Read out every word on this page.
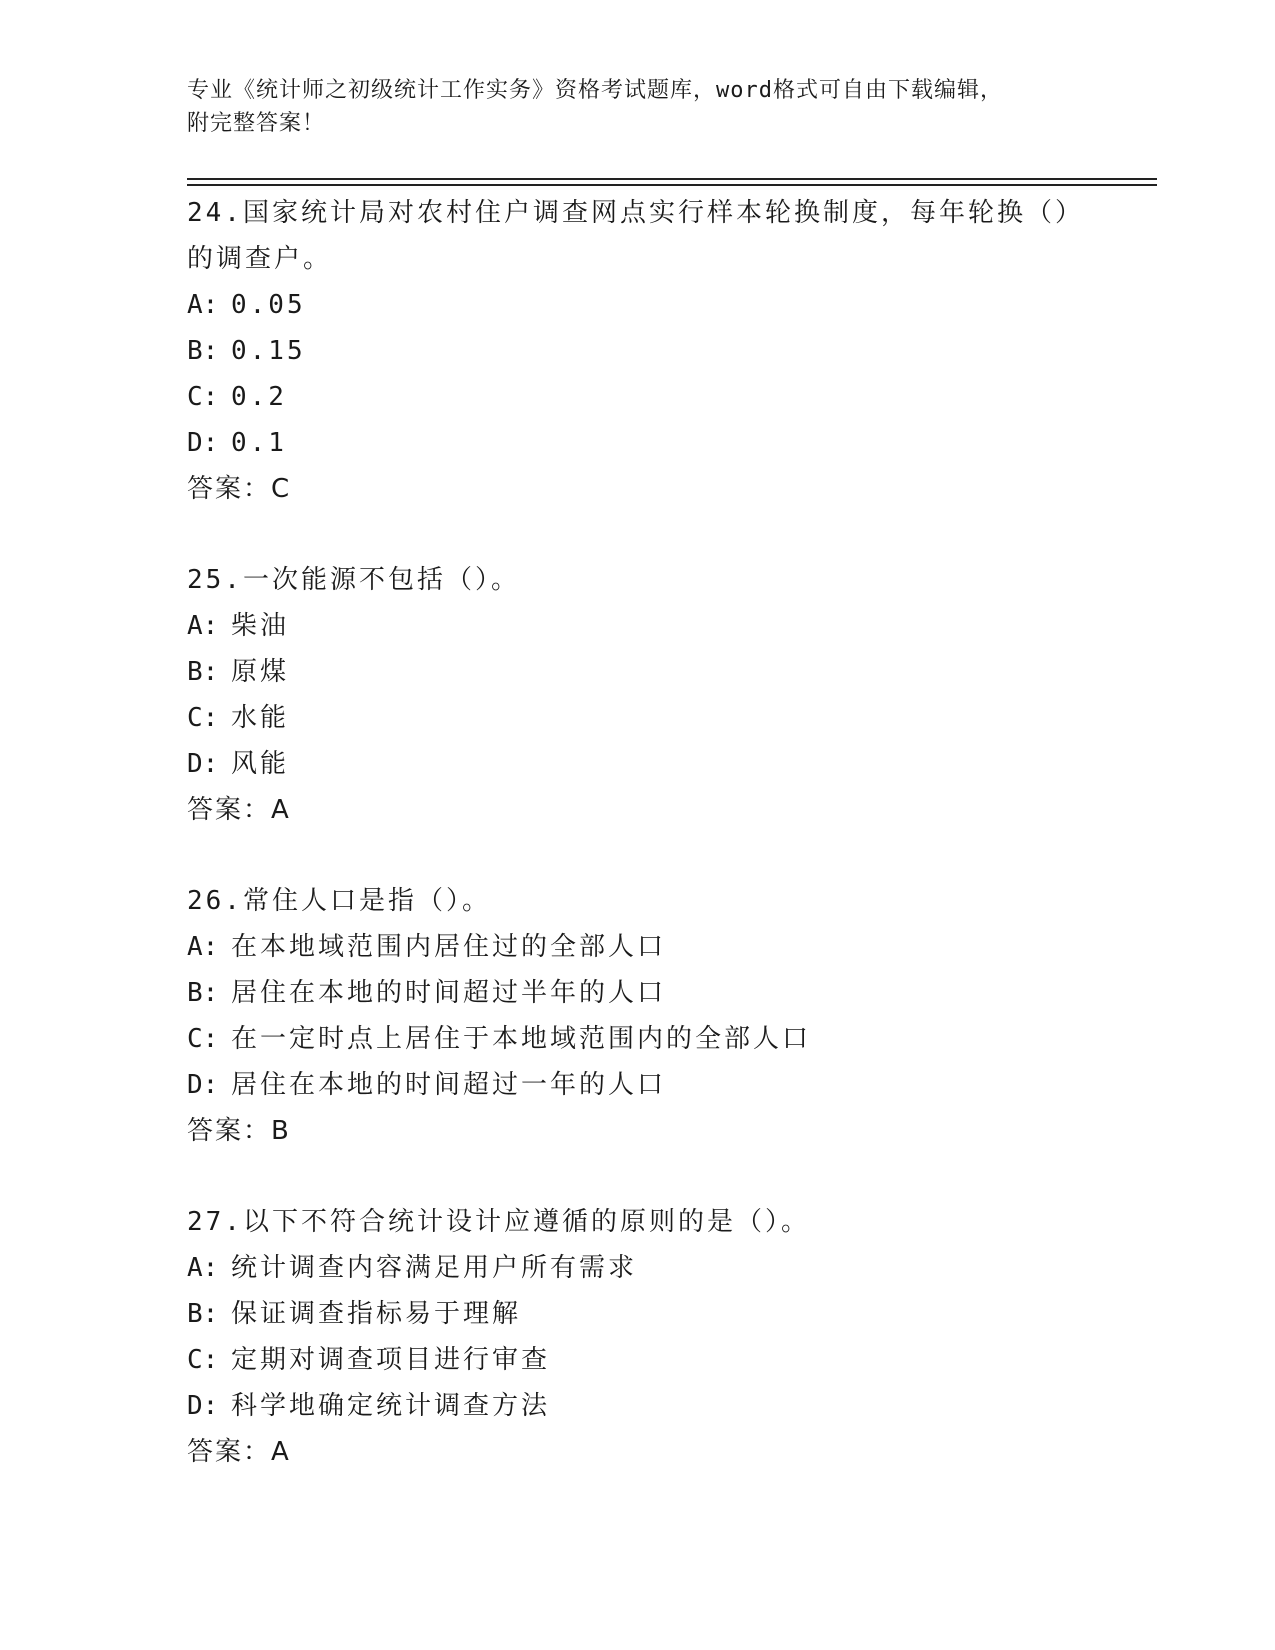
专业《统计师之初级统计工作实务》资格考试题库，word格式可自由下载编辑，
附完整答案！
24.国家统计局对农村住户调查网点实行样本轮换制度，每年轮换（）
的调查户。
A: 0.05
B: 0.15
C: 0.2
D: 0.1
答案：C
25.一次能源不包括（）。
A: 柴油
B: 原煤
C: 水能
D: 风能
答案：A
26.常住人口是指（）。
A: 在本地域范围内居住过的全部人口
B: 居住在本地的时间超过半年的人口
C: 在一定时点上居住于本地域范围内的全部人口
D: 居住在本地的时间超过一年的人口
答案：B
27.以下不符合统计设计应遵循的原则的是（）。
A: 统计调查内容满足用户所有需求
B: 保证调查指标易于理解
C: 定期对调查项目进行审查
D: 科学地确定统计调查方法
答案：A
